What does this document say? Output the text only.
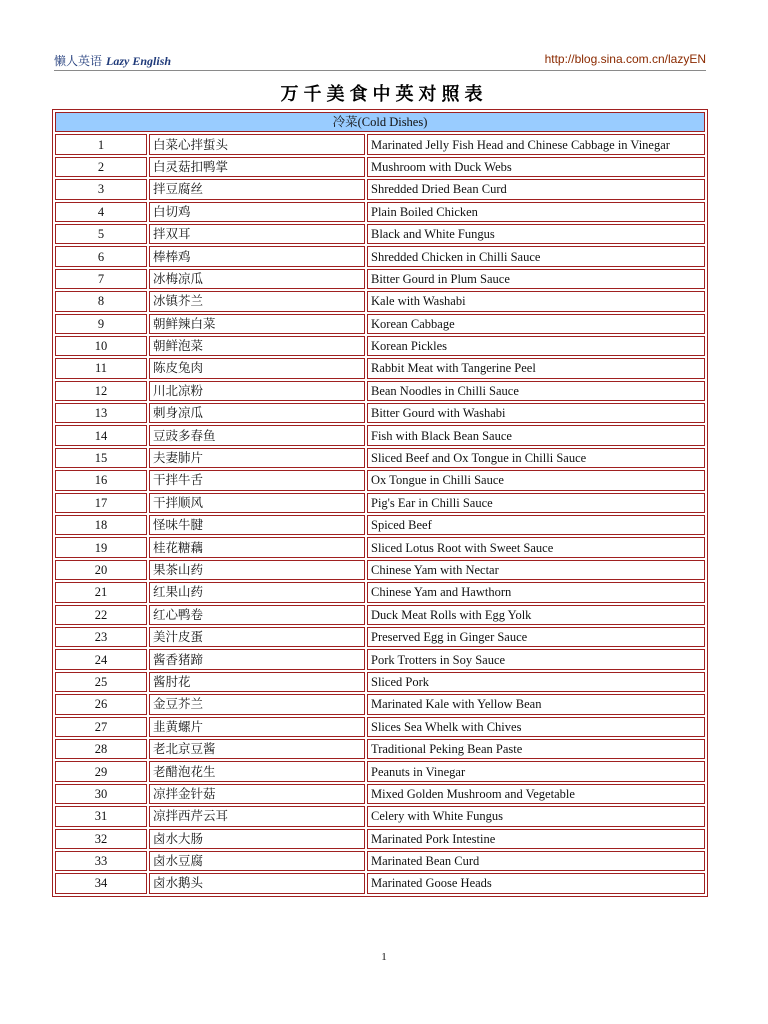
懒人英语 Lazy English	http://blog.sina.com.cn/lazyEN
万千美食中英对照表
冷菜(Cold Dishes)		
1	白菜心拌蜇头	Marinated Jelly Fish Head and Chinese Cabbage in Vinegar
2	白灵菇扣鸭掌	Mushroom with Duck Webs
3	拌豆腐丝	Shredded Dried Bean Curd
4	白切鸡	Plain Boiled Chicken
5	拌双耳	Black and White Fungus
6	棒棒鸡	Shredded Chicken in Chilli Sauce
7	冰梅凉瓜	Bitter Gourd in Plum Sauce
8	冰镇芥兰	Kale with Washabi
9	朝鲜辣白菜	Korean Cabbage
10	朝鲜泡菜	Korean Pickles
11	陈皮兔肉	Rabbit Meat with Tangerine Peel
12	川北凉粉	Bean Noodles in Chilli Sauce
13	刺身凉瓜	Bitter Gourd with Washabi
14	豆豉多春鱼	Fish with Black Bean Sauce
15	夫妻肺片	Sliced Beef and Ox Tongue in Chilli Sauce
16	干拌牛舌	Ox Tongue in Chilli Sauce
17	干拌顺风	Pig's Ear in Chilli Sauce
18	怪味牛腱	Spiced Beef
19	桂花糖藕	Sliced Lotus Root with Sweet Sauce
20	果茶山药	Chinese Yam with Nectar
21	红果山药	Chinese Yam and Hawthorn
22	红心鸭卷	Duck Meat Rolls with Egg Yolk
23	美汁皮蛋	Preserved Egg in Ginger Sauce
24	酱香猪蹄	Pork Trotters in Soy Sauce
25	酱肘花	Sliced Pork
26	金豆芥兰	Marinated Kale with Yellow Bean
27	韭黄螺片	Slices Sea Whelk with Chives
28	老北京豆酱	Traditional Peking Bean Paste
29	老醋泡花生	Peanuts in Vinegar
30	凉拌金针菇	Mixed Golden Mushroom and Vegetable
31	凉拌西芹云耳	Celery with White Fungus
32	卤水大肠	Marinated Pork Intestine
33	卤水豆腐	Marinated Bean Curd
34	卤水鹅头	Marinated Goose Heads
1
